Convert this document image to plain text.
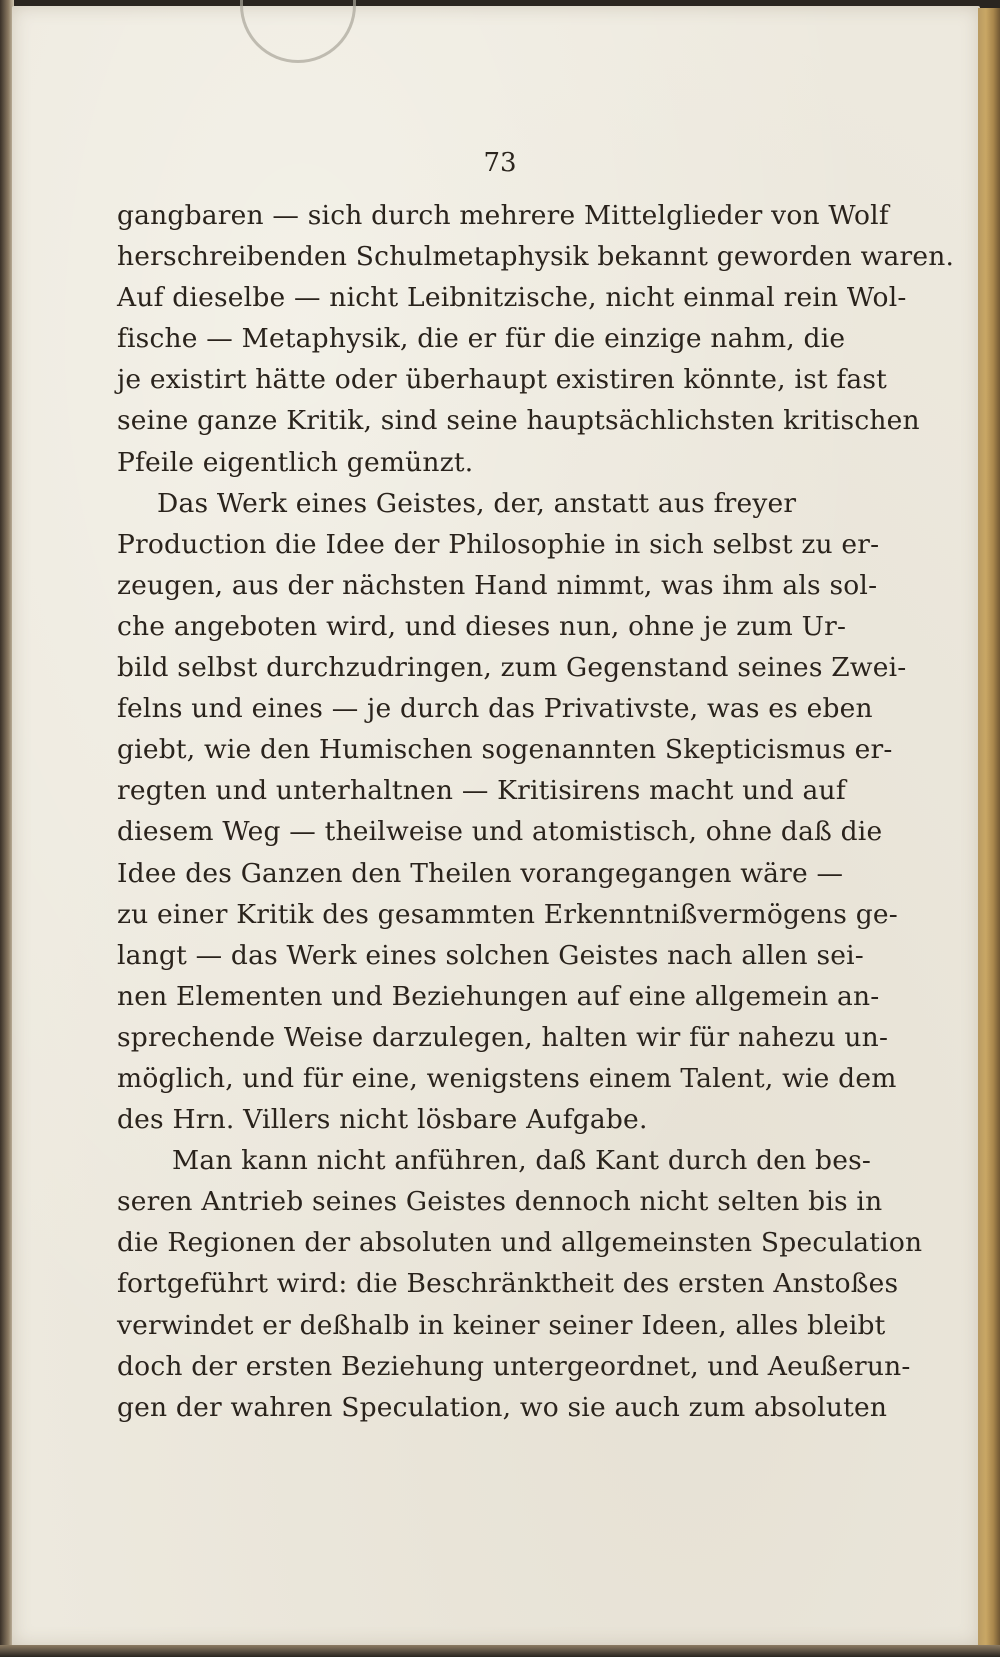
73
gangbaren — sich durch mehrere Mittelglieder von Wolf
herschreibenden Schulmetaphysik bekannt geworden waren.
Auf dieselbe — nicht Leibnitzische, nicht einmal rein Wol-
fische — Metaphysik, die er für die einzige nahm, die
je existirt hätte oder überhaupt existiren könnte, ist fast
seine ganze Kritik, sind seine hauptsächlichsten kritischen
Pfeile eigentlich gemünzt.
Das Werk eines Geistes, der, anstatt aus freyer
Production die Idee der Philosophie in sich selbst zu er-
zeugen, aus der nächsten Hand nimmt, was ihm als sol-
che angeboten wird, und dieses nun, ohne je zum Ur-
bild selbst durchzudringen, zum Gegenstand seines Zwei-
felns und eines — je durch das Privativste, was es eben
giebt, wie den Humischen sogenannten Skepticismus er-
regten und unterhaltnen — Kritisirens macht und auf
diesem Weg — theilweise und atomistisch, ohne daß die
Idee des Ganzen den Theilen vorangegangen wäre —
zu einer Kritik des gesammten Erkenntnißvermögens ge-
langt — das Werk eines solchen Geistes nach allen sei-
nen Elementen und Beziehungen auf eine allgemein an-
sprechende Weise darzulegen, halten wir für nahezu un-
möglich, und für eine, wenigstens einem Talent, wie dem
des Hrn. Villers nicht lösbare Aufgabe.
Man kann nicht anführen, daß Kant durch den bes-
seren Antrieb seines Geistes dennoch nicht selten bis in
die Regionen der absoluten und allgemeinsten Speculation
fortgeführt wird: die Beschränktheit des ersten Anstoßes
verwindet er deßhalb in keiner seiner Ideen, alles bleibt
doch der ersten Beziehung untergeordnet, und Aeußerun-
gen der wahren Speculation, wo sie auch zum absoluten
